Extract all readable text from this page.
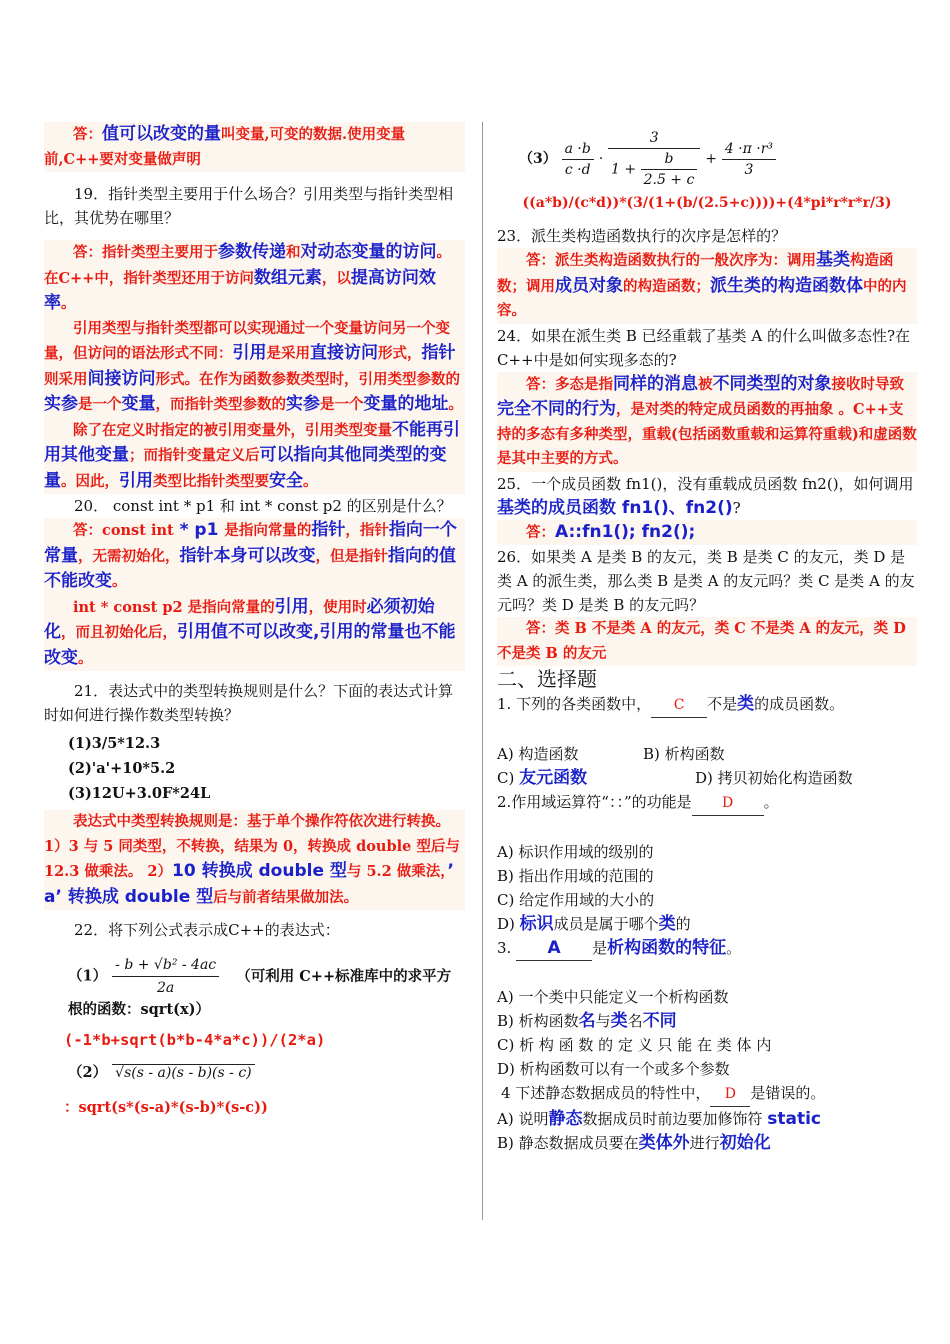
答：值可以改变的量叫变量,可变的数据.使用变量前,C++要对变量做声明

19．指针类型主要用于什么场合？引用类型与指针类型相比，其优势在哪里？

答：指针类型主要用于参数传递和对动态变量的访问。在C++中，指针类型还用于访问数组元素，以提高访问效率。

引用类型与指针类型都可以实现通过一个变量访问另一个变量，但访问的语法形式不同：引用是采用直接访问形式，指针则采用间接访问形式。在作为函数参数类型时，引用类型参数的实参是一个变量，而指针类型参数的实参是一个变量的地址。

除了在定义时指定的被引用变量外，引用类型变量不能再引用其他变量；而指针变量定义后可以指向其他同类型的变量。因此，引用类型比指针类型要安全。

20． const int * p1 和 int * const p2 的区别是什么？

答：const int * p1 是指向常量的指针，指针指向一个常量，无需初始化，指针本身可以改变，但是指针指向的值不能改变。

int * const p2 是指向常量的引用，使用时必须初始化，而且初始化后，引用值不可以改变,引用的常量也不能改变。

21．表达式中的类型转换规则是什么？下面的表达式计算时如何进行操作数类型转换？

(1)3/5*12.3

(2)'a'+10*5.2

(3)12U+3.0F*24L

表达式中类型转换规则是：基于单个操作符依次进行转换。1）3 与 5 同类型，不转换，结果为 0，转换成 double 型后与 12.3 做乘法。 2）10 转换成 double 型与 5.2 做乘法，’ a’ 转换成 double 型后与前者结果做加法。

22．将下列公式表示成C++的表达式：

$(1) \frac{\text{- b + √b² - 4ac}}{2a}$ （可利用 C++标准库中的求平方根的函数：sqrt(x)）

(-1*b+sqrt(b*b-4*a*c))/(2*a)

（2） √s(s - a)(s - b)(s - c)

：sqrt(s*(s-a)*(s-b)*(s-c))

$(3) \frac{a \cdot b}{c \cdot d} \cdot \frac{3}{1 + \frac{b}{2.5 + c}} + \frac{\text{4 ·π ·r³}}{3}$

((a*b)/(c*d))*(3/(1+(b/(2.5+c))))+(4*pi*r*r*r/3)

23．派生类构造函数执行的次序是怎样的？

答：派生类构造函数执行的一般次序为：调用基类构造函数；调用成员对象的构造函数；派生类的构造函数体中的内容。

24．如果在派生类 B 已经重载了基类 A 的什么叫做多态性?在 C++中是如何实现多态的?

答：多态是指同样的消息被不同类型的对象接收时导致完全不同的行为，是对类的特定成员函数的再抽象 。C++支持的多态有多种类型，重载(包括函数重载和运算符重载)和虚函数是其中主要的方式。

25．一个成员函数 fn1()，没有重载成员函数 fn2()，如何调用基类的成员函数 fn1()、fn2()?

答：A::fn1(); fn2();

26．如果类 A 是类 B 的友元，类 B 是类 C 的友元，类 D 是类 A 的派生类，那么类 B 是类 A 的友元吗？类 C 是类 A 的友元吗？类 D 是类 B 的友元吗？

答：类 B 不是类 A 的友元，类 C 不是类 A 的友元，类 D 不是类 B 的友元

二、选择题

1. 下列的各类函数中， C 不是类的成员函数。

A) 构造函数	B) 析构函数

C) 友元函数	D) 拷贝初始化构造函数

2.作用域运算符“：：”的功能是 D 。

A) 标识作用域的级别的

B) 指出作用域的范围的

C) 给定作用域的大小的

D) 标识成员是属于哪个类的

3. A 是析构函数的特征。

A) 一个类中只能定义一个析构函数

B) 析构函数名与类名不同

C) 析 构 函 数 的 定 义 只 能 在 类 体 内

D) 析构函数可以有一个或多个参数

4 下述静态数据成员的特性中， D 是错误的。

A) 说明静态数据成员时前边要加修饰符 static

B) 静态数据成员要在类体外进行初始化
